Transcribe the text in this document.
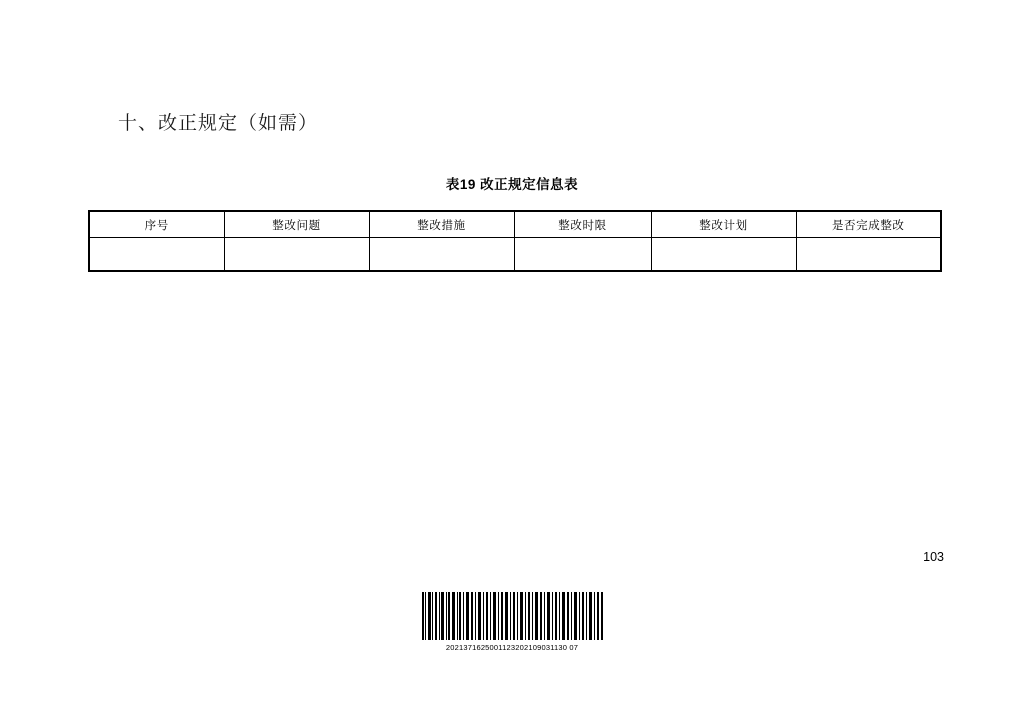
十、改正规定（如需）
表19 改正规定信息表
序号	整改问题	整改措施	整改时限	整改计划	是否完成整改

103
2021371625001123202109031130 07
